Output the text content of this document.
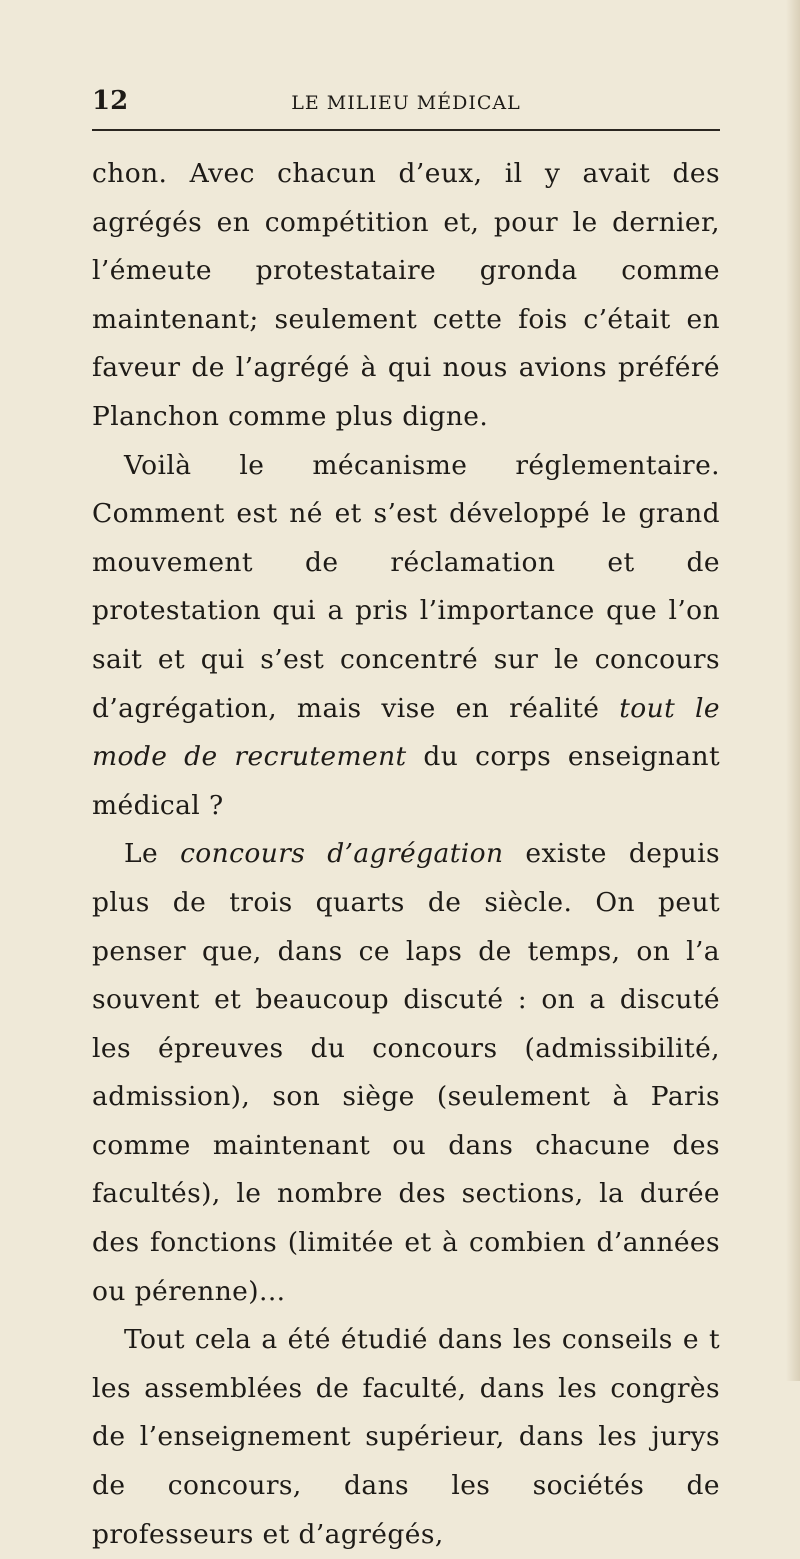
12	LE MILIEU MÉDICAL

chon. Avec chacun d’eux, il y avait des agrégés en compétition et, pour le dernier, l’émeute protestataire gronda comme maintenant; seulement cette fois c’était en faveur de l’agrégé à qui nous avions préféré Planchon comme plus digne.

Voilà le mécanisme réglementaire. Comment est né et s’est développé le grand mouvement de réclamation et de protestation qui a pris l’importance que l’on sait et qui s’est concentré sur le concours d’agrégation, mais vise en réalité tout le mode de recrutement du corps enseignant médical ?

Le concours d’agrégation existe depuis plus de trois quarts de siècle. On peut penser que, dans ce laps de temps, on l’a souvent et beaucoup discuté : on a discuté les épreuves du concours (admissibilité, admission), son siège (seulement à Paris comme maintenant ou dans chacune des facultés), le nombre des sections, la durée des fonctions (limitée et à combien d’années ou pérenne)...

Tout cela a été étudié dans les conseils e t les assemblées de faculté, dans les congrès de l’enseignement supérieur, dans les jurys de concours, dans les sociétés de professeurs et d’agrégés,
